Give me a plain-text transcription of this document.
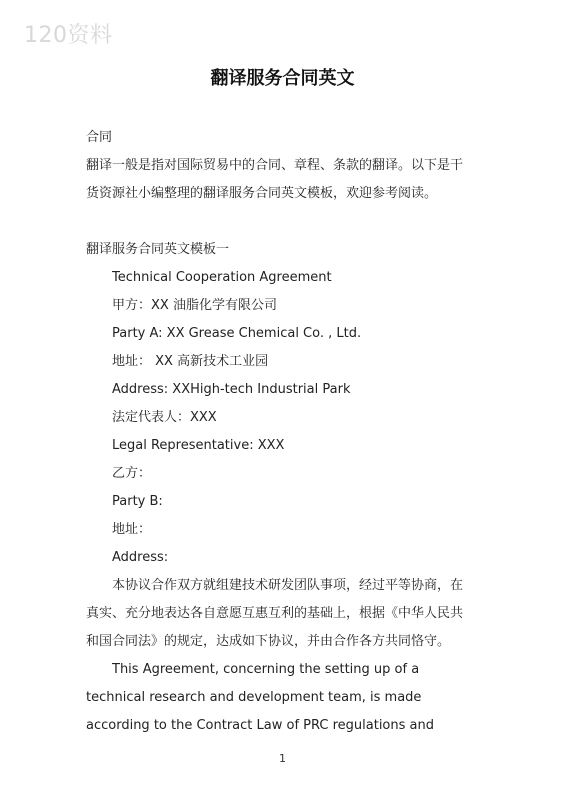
120资料
翻译服务合同英文
合同
翻译一般是指对国际贸易中的合同、章程、条款的翻译。以下是干
货资源社小编整理的翻译服务合同英文模板，欢迎参考阅读。
翻译服务合同英文模板一
Technical Cooperation Agreement
甲方：XX 油脂化学有限公司
Party A: XX Grease Chemical Co. , Ltd.
地址： XX 高新技术工业园
Address: XXHigh-tech Industrial Park
法定代表人：XXX
Legal Representative: XXX
乙方：
Party B:
地址：
Address:
本协议合作双方就组建技术研发团队事项，经过平等协商，在
真实、充分地表达各自意愿互惠互利的基础上，根据《中华人民共
和国合同法》的规定，达成如下协议，并由合作各方共同恪守。
This Agreement, concerning the setting up of a
technical research and development team, is made
according to the Contract Law of PRC regulations and
1
